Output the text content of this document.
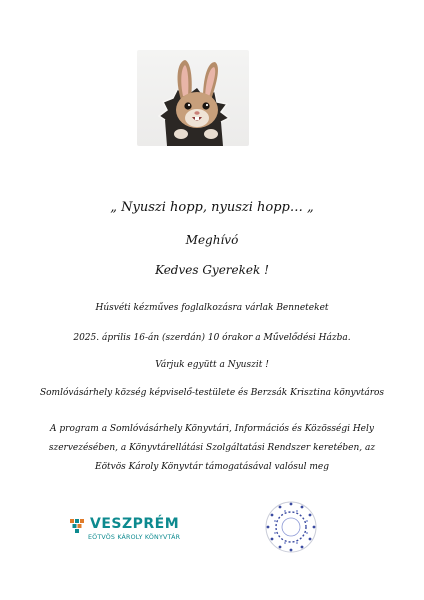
„ Nyuszi hopp, nyuszi hopp… „
Meghívó
Kedves Gyerekek !
Húsvéti kézműves foglalkozásra várlak Benneteket
2025. április 16-án (szerdán) 10 órakor a Művelődési Házba.
Várjuk együtt a Nyuszit !
Somlóvásárhely község képviselő-testülete és Berzsák Krisztina könyvtáros
A program a Somlóvásárhely Könyvtári, Információs és Közösségi Hely
szervezésében, a Könyvtárellátási Szolgáltatási Rendszer keretében, az
Eötvös Károly Könyvtár támogatásával valósul meg
VESZPRÉM
EÖTVÖS KÁROLY KÖNYVTÁR
